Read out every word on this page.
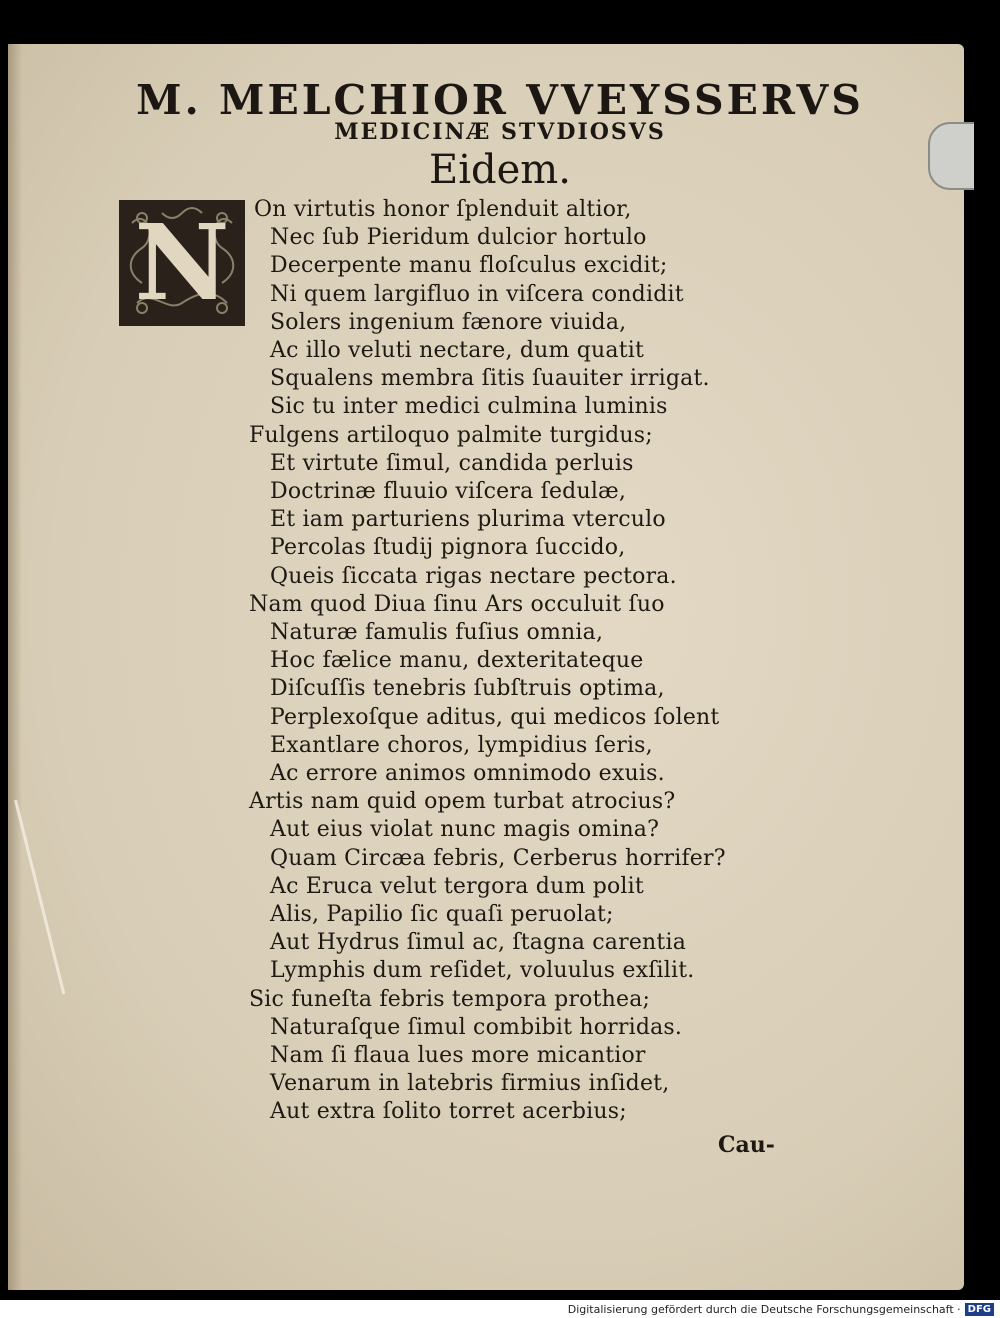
M. MELCHIOR VVEYSSERVS
MEDICINÆ STVDIOSVS
Eidem.
N On virtutis honor ſplenduit altior,
Nec ſub Pieridum dulcior hortulo
Decerpente manu floſculus excidit;
Ni quem largifluo in viſcera condidit
Solers ingenium fænore viuida,
Ac illo veluti nectare, dum quatit
Squalens membra ſitis ſuauiter irrigat.
Sic tu inter medici culmina luminis
Fulgens artiloquo palmite turgidus;
Et virtute ſimul, candida perluis
Doctrinæ fluuio viſcera ſedulæ,
Et iam parturiens plurima vterculo
Percolas ſtudij pignora ſuccido,
Queis ſiccata rigas nectare pectora.
Nam quod Diua ſinu Ars occuluit ſuo
Naturæ famulis fuſius omnia,
Hoc fælice manu, dexteritateque
Diſcuſſis tenebris ſubſtruis optima,
Perplexoſque aditus, qui medicos ſolent
Exantlare choros, lympidius ſeris,
Ac errore animos omnimodo exuis.
Artis nam quid opem turbat atrocius?
Aut eius violat nunc magis omina?
Quam Circæa febris, Cerberus horrifer?
Ac Eruca velut tergora dum polit
Alis, Papilio ſic quaſi peruolat;
Aut Hydrus ſimul ac, ſtagna carentia
Lymphis dum reſidet, voluulus exſilit.
Sic funeſta febris tempora prothea;
Naturaſque ſimul combibit horridas.
Nam ſi flaua lues more micantior
Venarum in latebris firmius inſidet,
Aut extra ſolito torret acerbius;
Cau-
Digitalisierung gefördert durch die Deutsche Forschungsgemeinschaft · DFG
